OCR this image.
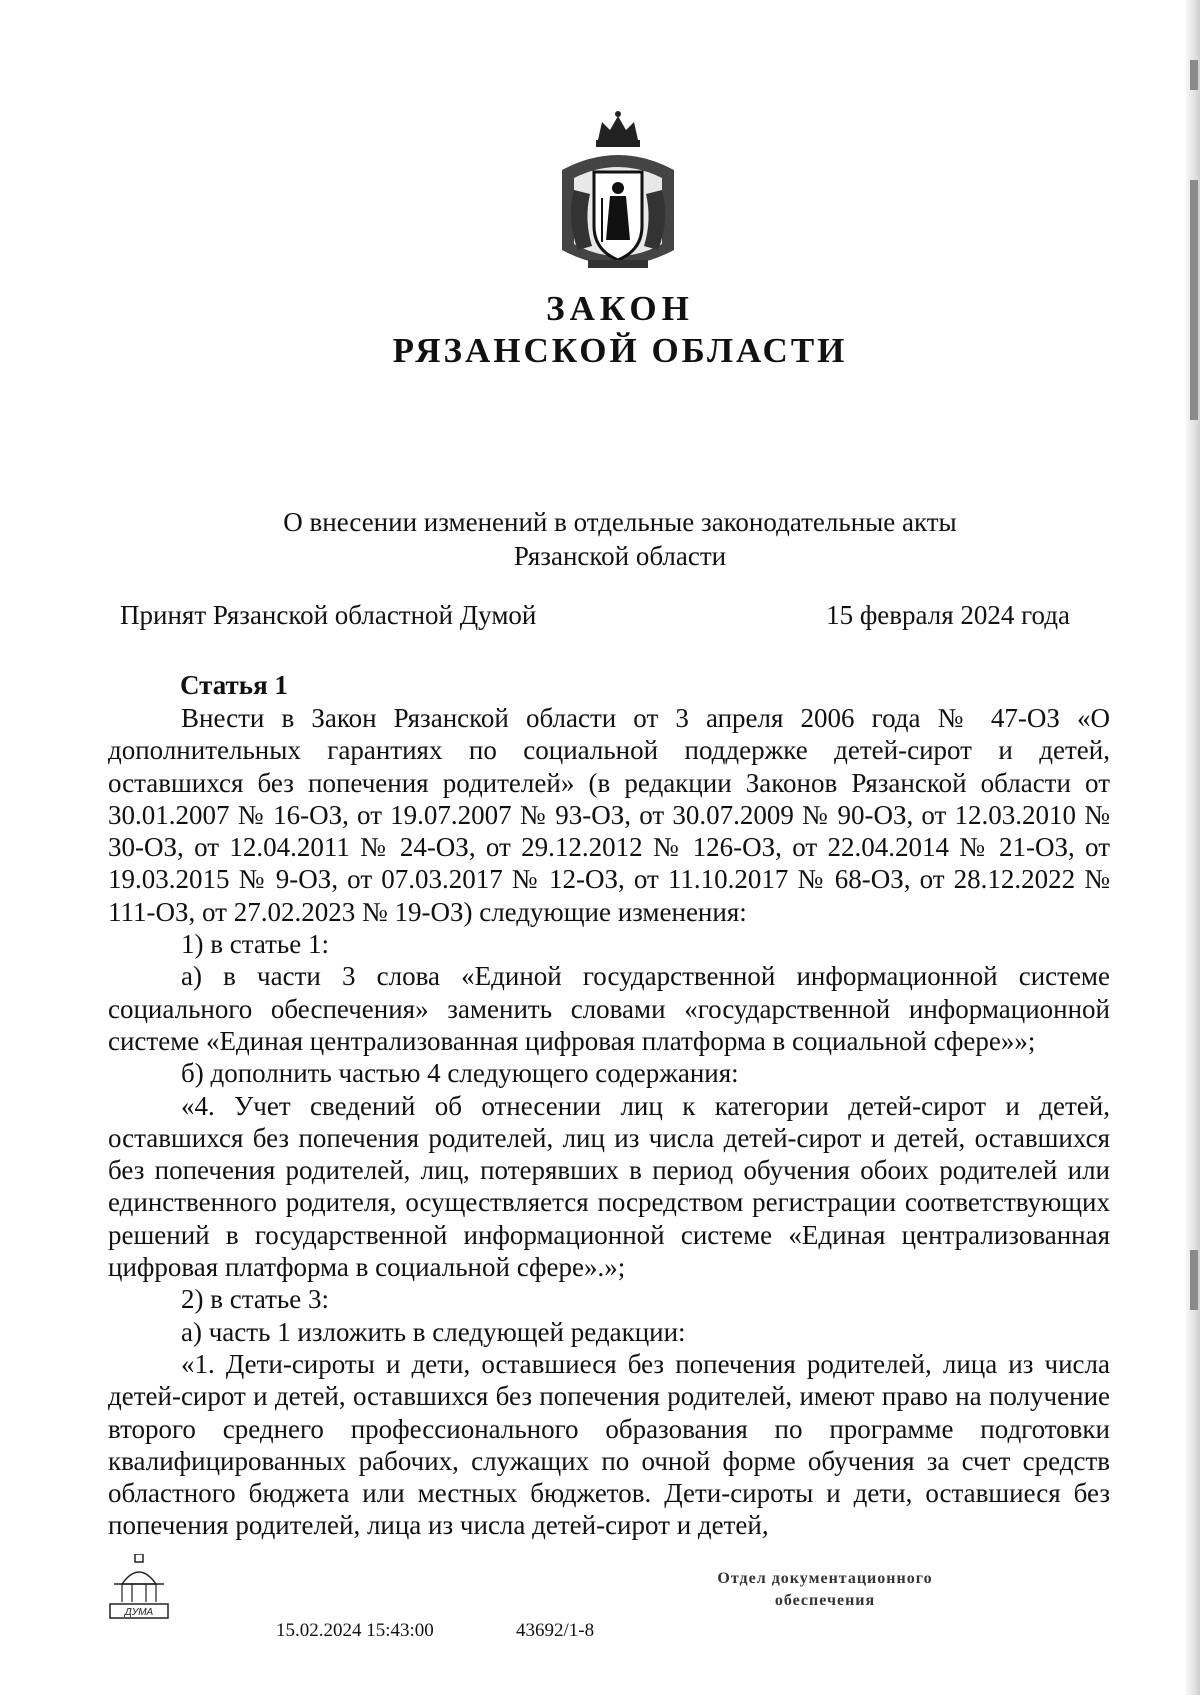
ЗАКОН
РЯЗАНСКОЙ ОБЛАСТИ
О внесении изменений в отдельные законодательные акты
Рязанской области
Принят Рязанской областной Думой	15 февраля 2024 года
Статья 1

Внести в Закон Рязанской области от 3 апреля 2006 года № 47-ОЗ «О дополнительных гарантиях по социальной поддержке детей-сирот и детей, оставшихся без попечения родителей» (в редакции Законов Рязанской области от 30.01.2007 № 16-ОЗ, от 19.07.2007 № 93-ОЗ, от 30.07.2009 № 90-ОЗ, от 12.03.2010 № 30-ОЗ, от 12.04.2011 № 24-ОЗ, от 29.12.2012 № 126-ОЗ, от 22.04.2014 № 21-ОЗ, от 19.03.2015 № 9-ОЗ, от 07.03.2017 № 12-ОЗ, от 11.10.2017 № 68-ОЗ, от 28.12.2022 № 111-ОЗ, от 27.02.2023 № 19-ОЗ) следующие изменения:

1) в статье 1:

а) в части 3 слова «Единой государственной информационной системе социального обеспечения» заменить словами «государственной информационной системе «Единая централизованная цифровая платформа в социальной сфере»»;

б) дополнить частью 4 следующего содержания:

«4. Учет сведений об отнесении лиц к категории детей-сирот и детей, оставшихся без попечения родителей, лиц из числа детей-сирот и детей, оставшихся без попечения родителей, лиц, потерявших в период обучения обоих родителей или единственного родителя, осуществляется посредством регистрации соответствующих решений в государственной информационной системе «Единая централизованная цифровая платформа в социальной сфере».»;

2) в статье 3:

а) часть 1 изложить в следующей редакции:

«1. Дети-сироты и дети, оставшиеся без попечения родителей, лица из числа детей-сирот и детей, оставшихся без попечения родителей, имеют право на получение второго среднего профессионального образования по программе подготовки квалифицированных рабочих, служащих по очной форме обучения за счет средств областного бюджета или местных бюджетов. Дети-сироты и дети, оставшиеся без попечения родителей, лица из числа детей-сирот и детей,

ДУМА
15.02.2024 15:43:00	43692/1-8
Отдел документационного
обеспечения
